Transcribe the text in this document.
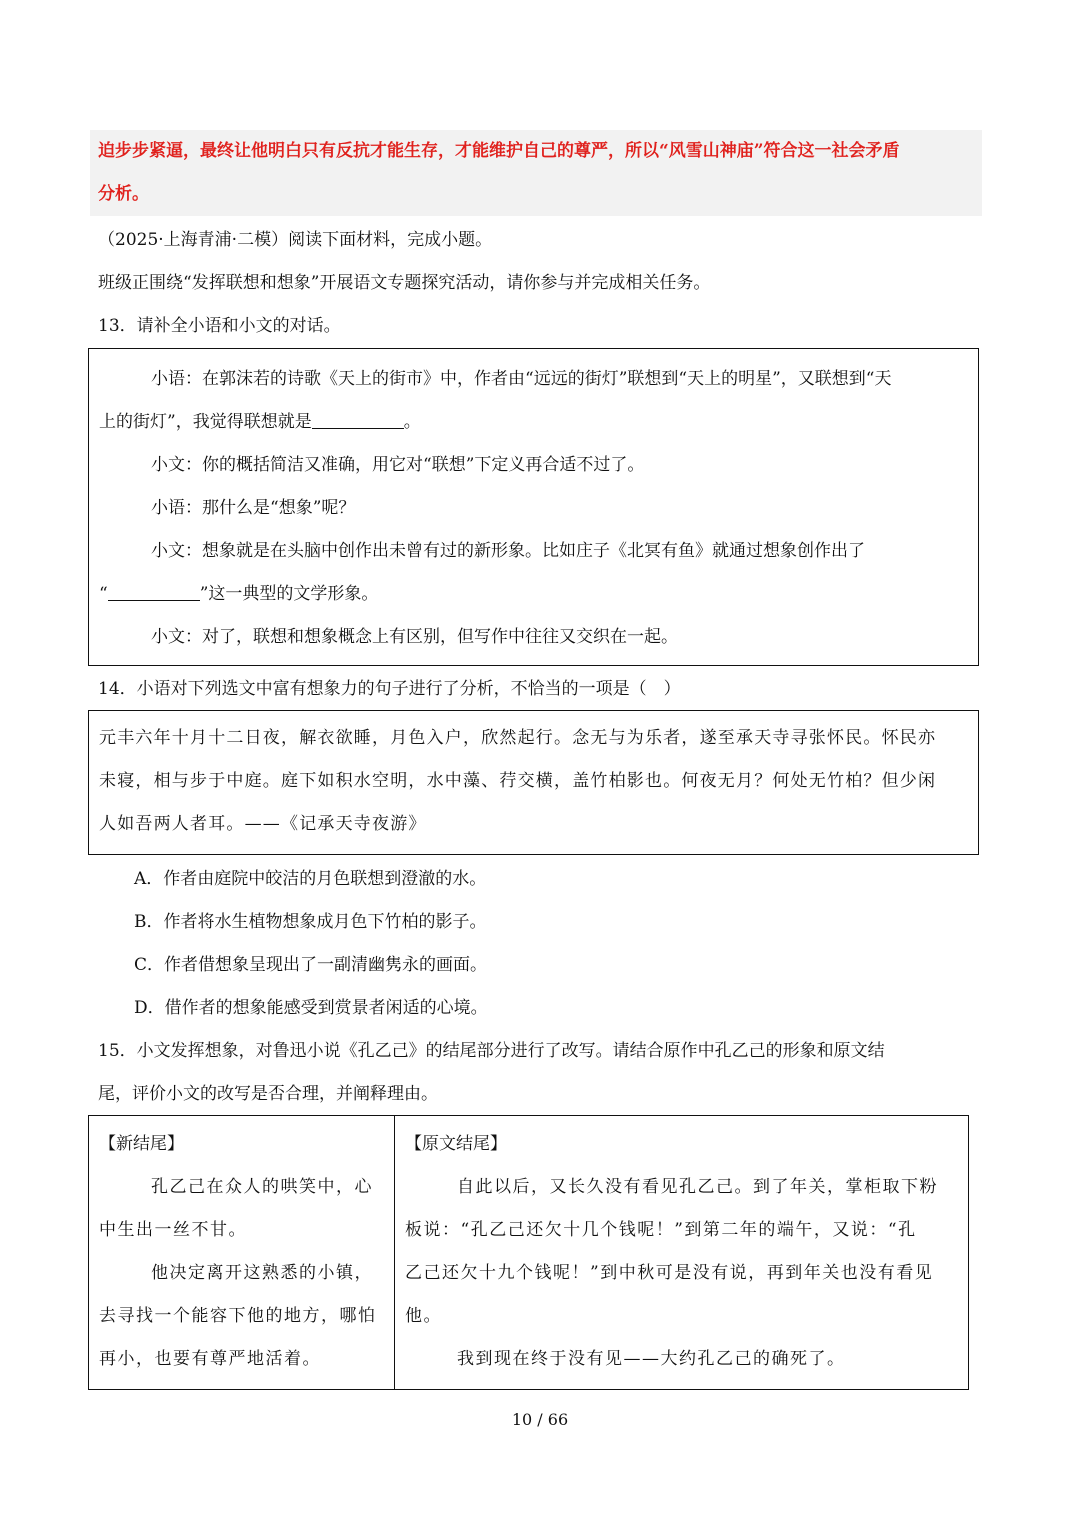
迫步步紧逼，最终让他明白只有反抗才能生存，才能维护自己的尊严，所以“风雪山神庙”符合这一社会矛盾

分析。

（2025·上海青浦·二模）阅读下面材料，完成小题。
班级正围绕“发挥联想和想象”开展语文专题探究活动，请你参与并完成相关任务。
13．请补全小语和小文的对话。

小语：在郭沫若的诗歌《天上的街市》中，作者由“远远的街灯”联想到“天上的明星”，又联想到“天

上的街灯”，我觉得联想就是	。

小文：你的概括简洁又准确，用它对“联想”下定义再合适不过了。

小语：那什么是“想象”呢？

小文：想象就是在头脑中创作出未曾有过的新形象。比如庄子《北冥有鱼》就通过想象创作出了

“	”这一典型的文学形象。

小文：对了，联想和想象概念上有区别，但写作中往往又交织在一起。

14．小语对下列选文中富有想象力的句子进行了分析，不恰当的一项是（　）

元丰六年十月十二日夜，解衣欲睡，月色入户，欣然起行。念无与为乐者，遂至承天寺寻张怀民。怀民亦

未寝，相与步于中庭。庭下如积水空明，水中藻、荇交横，盖竹柏影也。何夜无月？何处无竹柏？但少闲

人如吾两人者耳。——《记承天寺夜游》

A．作者由庭院中皎洁的月色联想到澄澈的水。
B．作者将水生植物想象成月色下竹柏的影子。
C．作者借想象呈现出了一副清幽隽永的画面。
D．借作者的想象能感受到赏景者闲适的心境。
15．小文发挥想象，对鲁迅小说《孔乙己》的结尾部分进行了改写。请结合原作中孔乙己的形象和原文结
尾，评价小文的改写是否合理，并阐释理由。

【新结尾】

孔乙己在众人的哄笑中，心

中生出一丝不甘。

他决定离开这熟悉的小镇，

去寻找一个能容下他的地方，哪怕

再小，也要有尊严地活着。

【原文结尾】

自此以后，又长久没有看见孔乙己。到了年关，掌柜取下粉

板说：“孔乙己还欠十几个钱呢！”到第二年的端午，又说：“孔

乙己还欠十九个钱呢！”到中秋可是没有说，再到年关也没有看见

他。

我到现在终于没有见——大约孔乙己的确死了。

10 / 66
